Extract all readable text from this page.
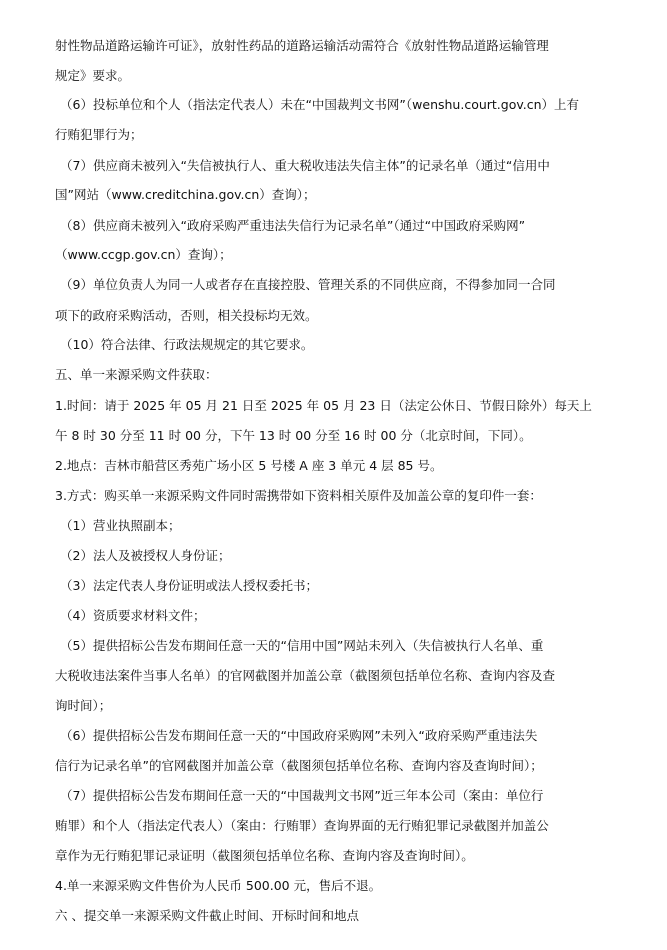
射性物品道路运输许可证》，放射性药品的道路运输活动需符合《放射性物品道路运输管理
规定》要求。
（6）投标单位和个人（指法定代表人）未在“中国裁判文书网”（wenshu.court.gov.cn）上有
行贿犯罪行为；
（7）供应商未被列入“失信被执行人、重大税收违法失信主体”的记录名单（通过“信用中
国”网站（www.creditchina.gov.cn）查询）；
（8）供应商未被列入“政府采购严重违法失信行为记录名单”（通过“中国政府采购网”
（www.ccgp.gov.cn）查询）；
（9）单位负责人为同一人或者存在直接控股、管理关系的不同供应商，不得参加同一合同
项下的政府采购活动，否则，相关投标均无效。
（10）符合法律、行政法规规定的其它要求。
五、单一来源采购文件获取：
1.时间：请于 2025 年 05 月 21 日至 2025 年 05 月 23 日（法定公休日、节假日除外）每天上
午 8 时 30 分至 11 时 00 分，下午 13 时 00 分至 16 时 00 分（北京时间，下同）。
2.地点：吉林市船营区秀苑广场小区 5 号楼 A 座 3 单元 4 层 85 号。
3.方式：购买单一来源采购文件同时需携带如下资料相关原件及加盖公章的复印件一套：
（1）营业执照副本；
（2）法人及被授权人身份证；
（3）法定代表人身份证明或法人授权委托书；
（4）资质要求材料文件；
（5）提供招标公告发布期间任意一天的“信用中国”网站未列入（失信被执行人名单、重
大税收违法案件当事人名单）的官网截图并加盖公章（截图须包括单位名称、查询内容及查
询时间）；
（6）提供招标公告发布期间任意一天的“中国政府采购网”未列入“政府采购严重违法失
信行为记录名单”的官网截图并加盖公章（截图须包括单位名称、查询内容及查询时间）；
（7）提供招标公告发布期间任意一天的“中国裁判文书网”近三年本公司（案由：单位行
贿罪）和个人（指法定代表人）（案由：行贿罪）查询界面的无行贿犯罪记录截图并加盖公
章作为无行贿犯罪记录证明（截图须包括单位名称、查询内容及查询时间）。
4.单一来源采购文件售价为人民币 500.00 元，售后不退。
六 、提交单一来源采购文件截止时间、开标时间和地点
